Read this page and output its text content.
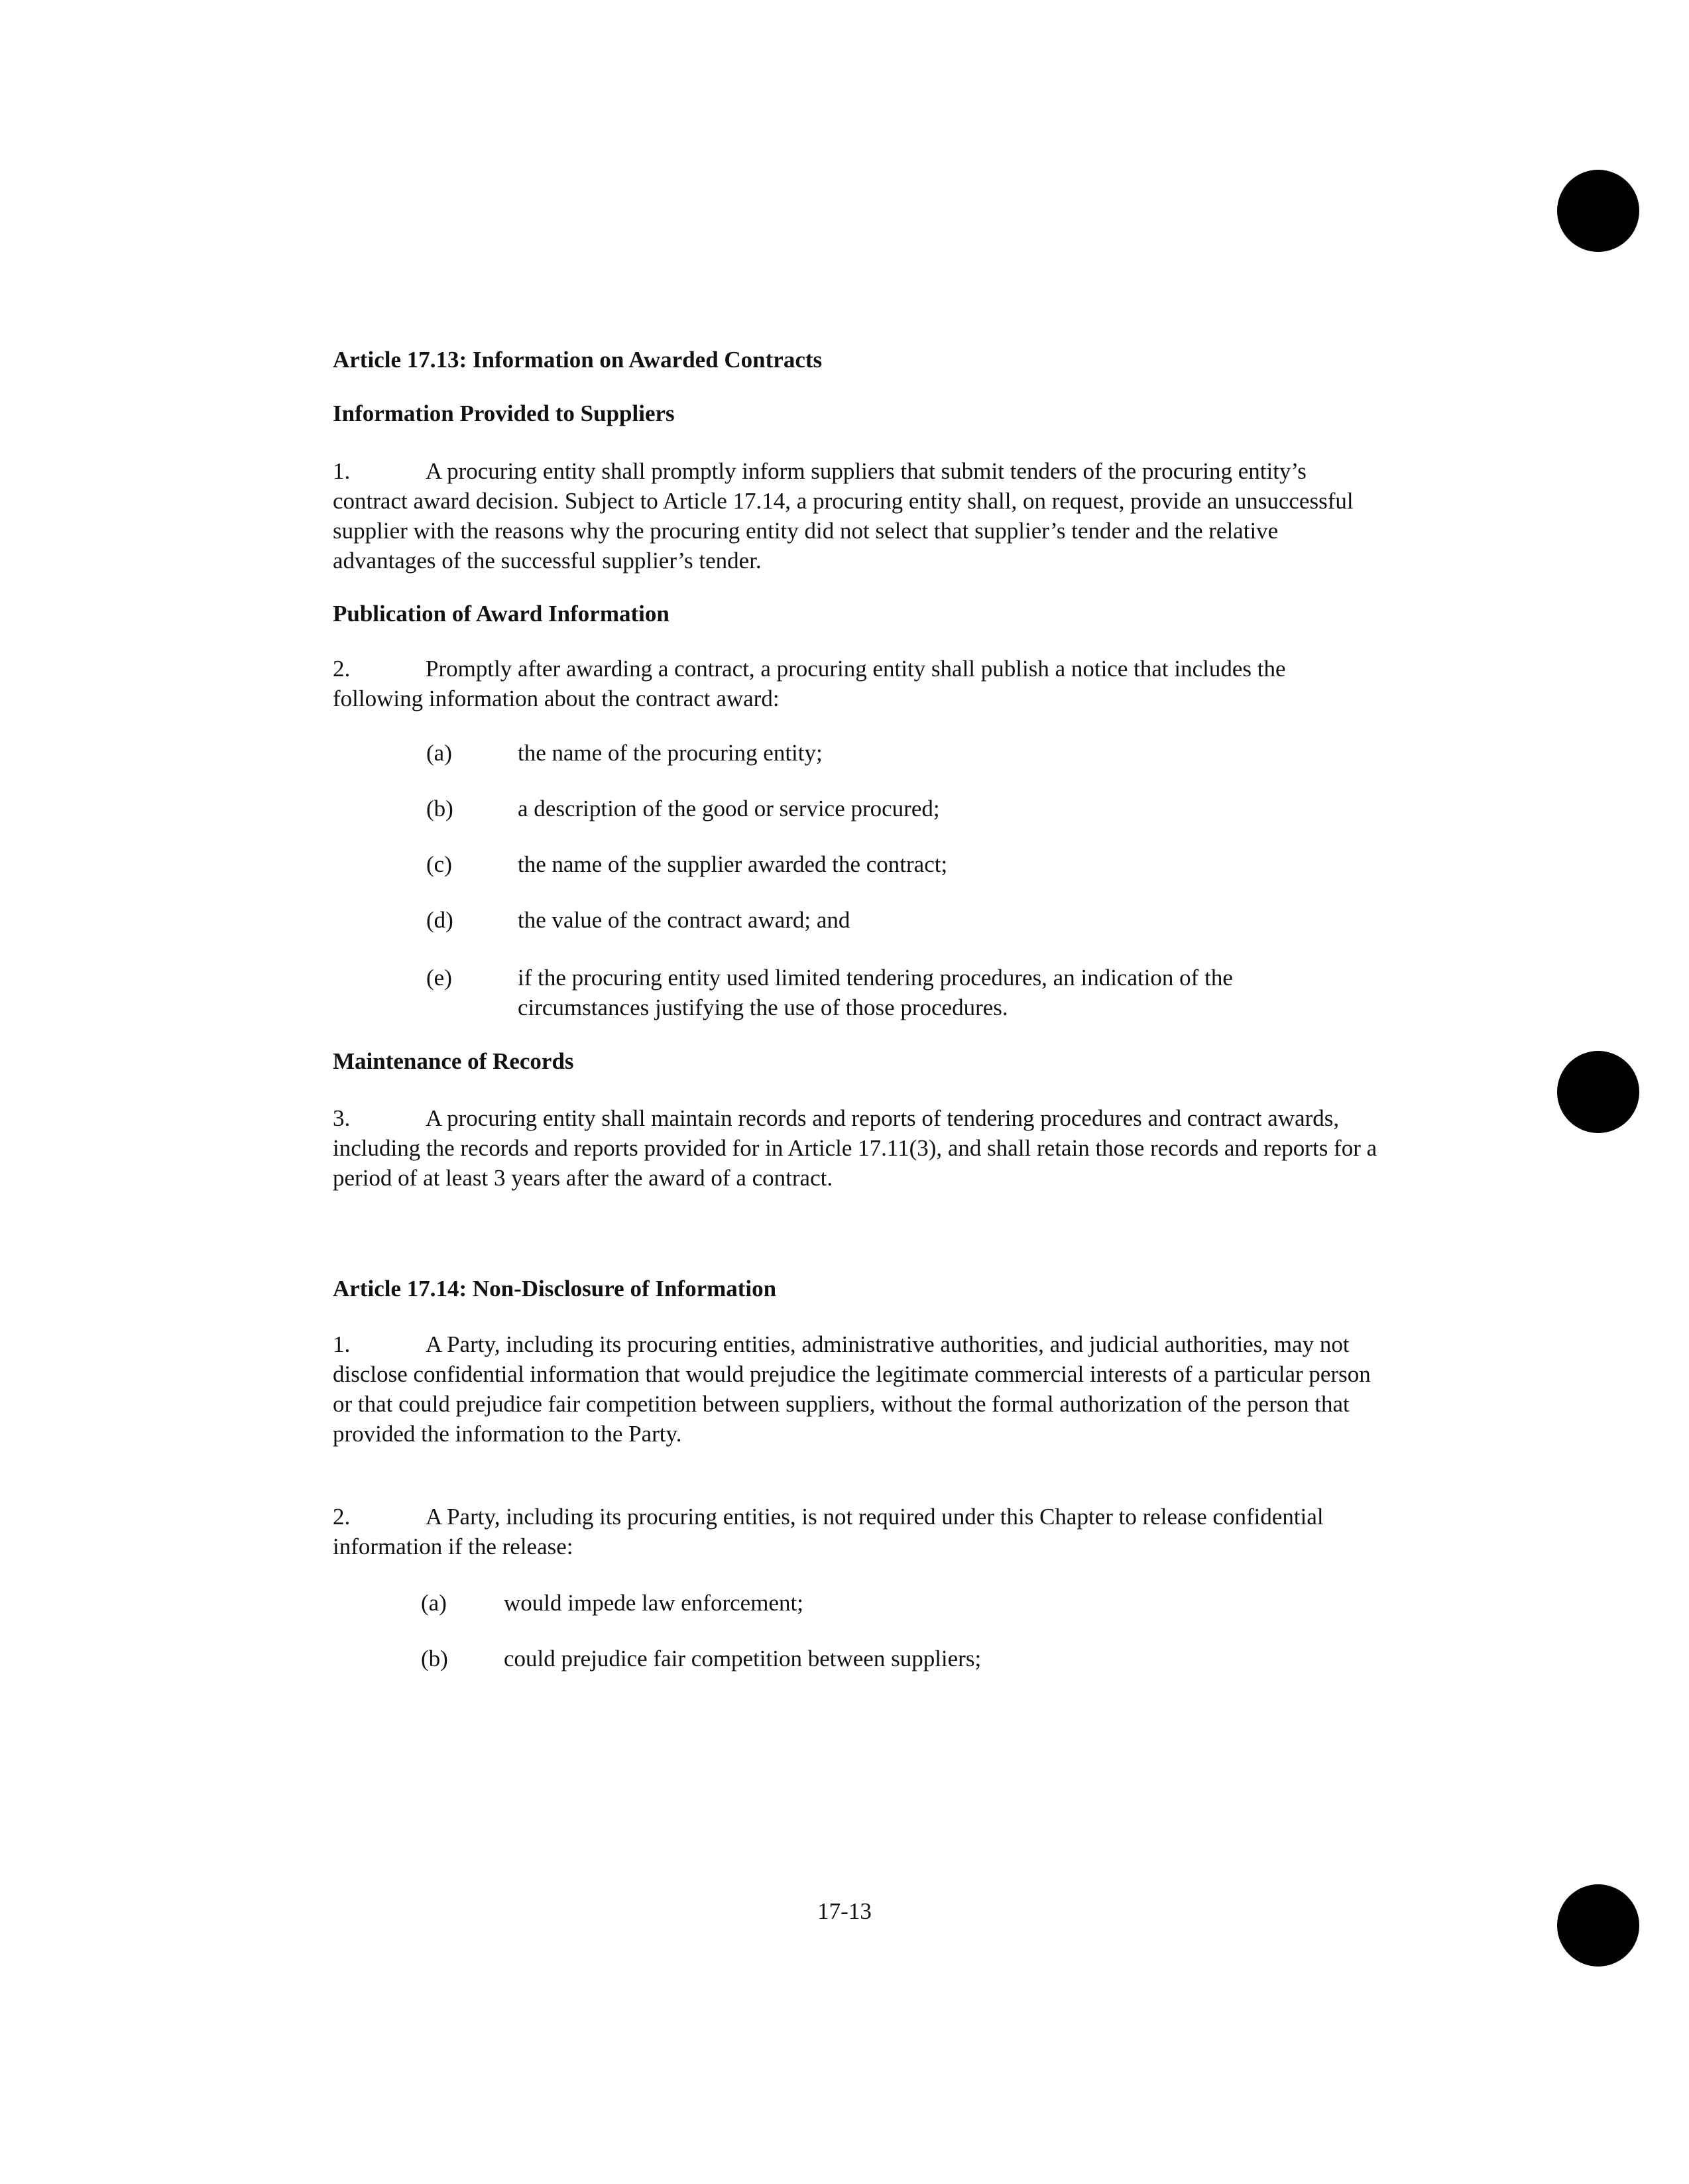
Article 17.13: Information on Awarded Contracts
Information Provided to Suppliers
1.	A procuring entity shall promptly inform suppliers that submit tenders of the procuring entity’s contract award decision. Subject to Article 17.14, a procuring entity shall, on request, provide an unsuccessful supplier with the reasons why the procuring entity did not select that supplier’s tender and the relative advantages of the successful supplier’s tender.
Publication of Award Information
2.	Promptly after awarding a contract, a procuring entity shall publish a notice that includes the following information about the contract award:
(a)	the name of the procuring entity;
(b)	a description of the good or service procured;
(c)	the name of the supplier awarded the contract;
(d)	the value of the contract award; and
(e)	if the procuring entity used limited tendering procedures, an indication of the circumstances justifying the use of those procedures.
Maintenance of Records
3.	A procuring entity shall maintain records and reports of tendering procedures and contract awards, including the records and reports provided for in Article 17.11(3), and shall retain those records and reports for a period of at least 3 years after the award of a contract.
Article 17.14: Non-Disclosure of Information
1.	A Party, including its procuring entities, administrative authorities, and judicial authorities, may not disclose confidential information that would prejudice the legitimate commercial interests of a particular person or that could prejudice fair competition between suppliers, without the formal authorization of the person that provided the information to the Party.
2.	A Party, including its procuring entities, is not required under this Chapter to release confidential information if the release:
(a) would impede law enforcement;
(b) could prejudice fair competition between suppliers;
17-13
